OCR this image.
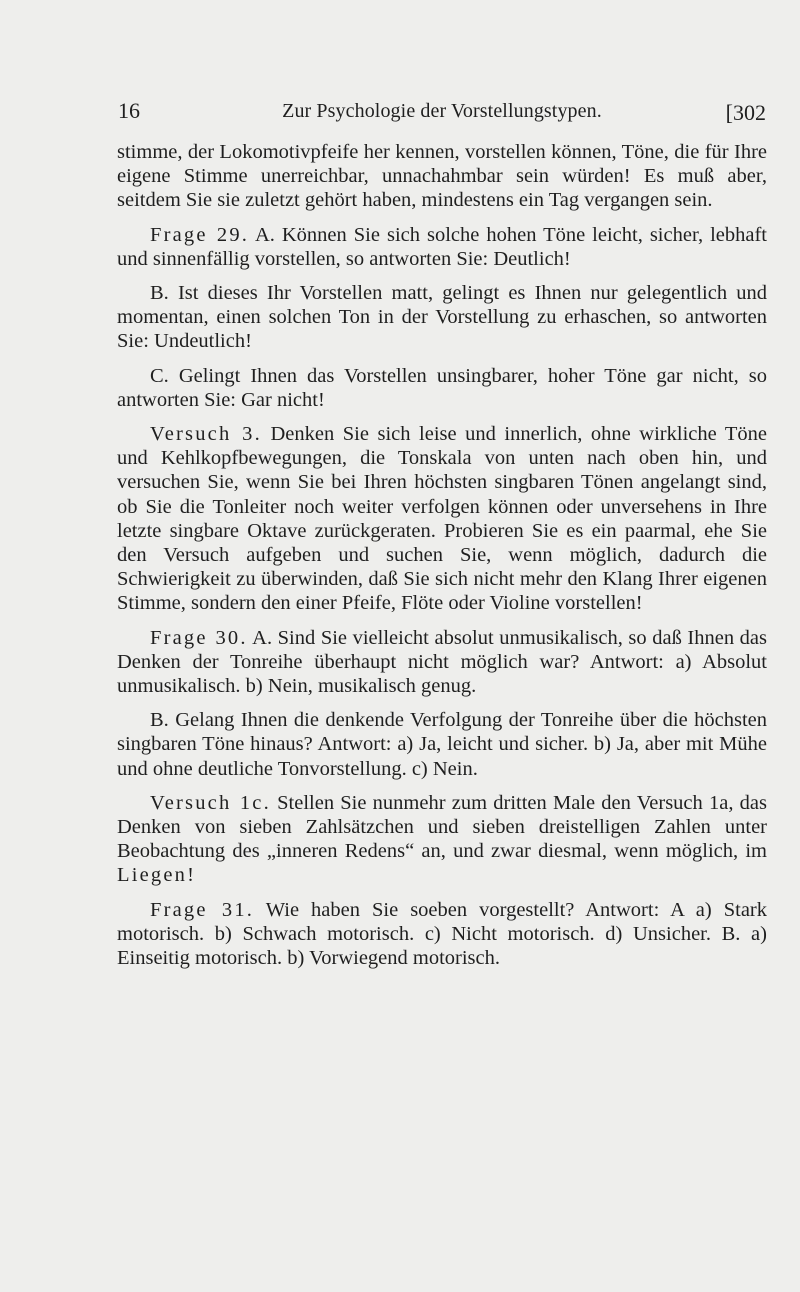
16	Zur Psychologie der Vorstellungstypen.	[302

stimme, der Lokomotivpfeife her kennen, vorstellen können, Töne, die für Ihre eigene Stimme unerreichbar, unnachahmbar sein würden! Es muß aber, seitdem Sie sie zuletzt gehört haben, mindestens ein Tag vergangen sein.

Frage 29. A. Können Sie sich solche hohen Töne leicht, sicher, lebhaft und sinnenfällig vorstellen, so antworten Sie: Deutlich!

B. Ist dieses Ihr Vorstellen matt, gelingt es Ihnen nur gelegentlich und momentan, einen solchen Ton in der Vorstellung zu erhaschen, so antworten Sie: Undeutlich!

C. Gelingt Ihnen das Vorstellen unsingbarer, hoher Töne gar nicht, so antworten Sie: Gar nicht!

Versuch 3. Denken Sie sich leise und innerlich, ohne wirkliche Töne und Kehlkopfbewegungen, die Tonskala von unten nach oben hin, und versuchen Sie, wenn Sie bei Ihren höchsten singbaren Tönen angelangt sind, ob Sie die Tonleiter noch weiter verfolgen können oder unversehens in Ihre letzte singbare Oktave zurückgeraten. Probieren Sie es ein paarmal, ehe Sie den Versuch aufgeben und suchen Sie, wenn möglich, dadurch die Schwierigkeit zu überwinden, daß Sie sich nicht mehr den Klang Ihrer eigenen Stimme, sondern den einer Pfeife, Flöte oder Violine vorstellen!

Frage 30. A. Sind Sie vielleicht absolut unmusikalisch, so daß Ihnen das Denken der Tonreihe überhaupt nicht möglich war? Antwort: a) Absolut unmusikalisch. b) Nein, musikalisch genug.

B. Gelang Ihnen die denkende Verfolgung der Tonreihe über die höchsten singbaren Töne hinaus? Antwort: a) Ja, leicht und sicher. b) Ja, aber mit Mühe und ohne deutliche Tonvorstellung. c) Nein.

Versuch 1c. Stellen Sie nunmehr zum dritten Male den Versuch 1a, das Denken von sieben Zahlsätzchen und sieben dreistelligen Zahlen unter Beobachtung des „inneren Redens“ an, und zwar diesmal, wenn möglich, im Liegen!

Frage 31. Wie haben Sie soeben vorgestellt? Antwort: A a) Stark motorisch. b) Schwach motorisch. c) Nicht motorisch. d) Unsicher. B. a) Einseitig motorisch. b) Vorwiegend motorisch.
